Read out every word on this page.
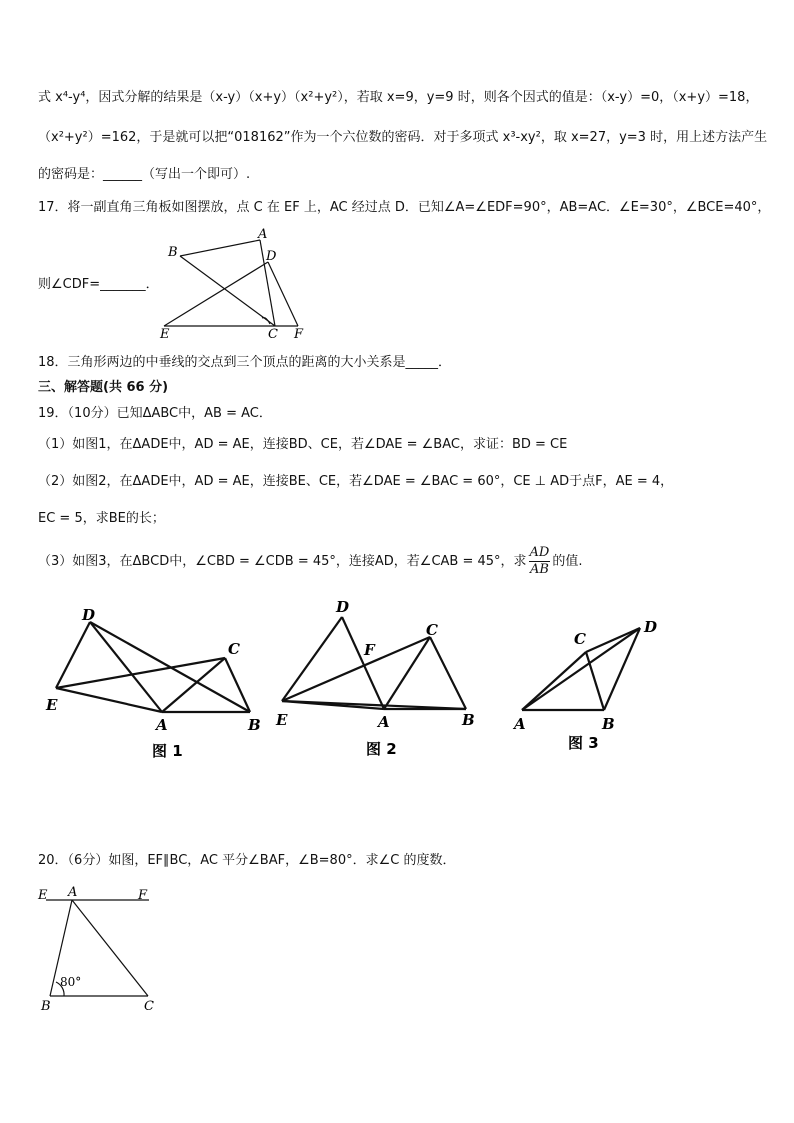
式 x⁴-y⁴，因式分解的结果是（x-y）（x+y）（x²+y²），若取 x=9，y=9 时，则各个因式的值是：（x-y）=0，（x+y）=18，
（x²+y²）=162，于是就可以把“018162”作为一个六位数的密码．对于多项式 x³-xy²，取 x=27，y=3 时，用上述方法产生
的密码是：______（写出一个即可）.
17．将一副直角三角板如图摆放，点 C 在 EF 上，AC 经过点 D．已知∠A=∠EDF=90°，AB=AC．∠E=30°，∠BCE=40°，
则∠CDF=_______．
A
B	D
C
E	F
18．三角形两边的中垂线的交点到三个顶点的距离的大小关系是_____．
三、解答题(共 66 分)
19．（10分）已知ΔABC中，AB = AC．
（1）如图1，在ΔADE中，AD = AE，连接BD、CE，若∠DAE = ∠BAC，求证：BD = CE
（2）如图2，在ΔADE中，AD = AE，连接BE、CE，若∠DAE = ∠BAC = 60°，CE ⊥ AD于点F，AE = 4，
EC = 5，求BE的长；
（3）如图3，在ΔBCD中，∠CBD = ∠CDB = 45°，连接AD，若∠CAB = 45°，求 $\frac{AD}{AB}$ 的值.
D
C
E
A	B
图 1
D
C
F
E	A	B
图 2
C
D
A	B
图 3
20．（6分）如图，EF∥BC，AC 平分∠BAF，∠B=80°．求∠C 的度数．
E A	F
B	C
80°
